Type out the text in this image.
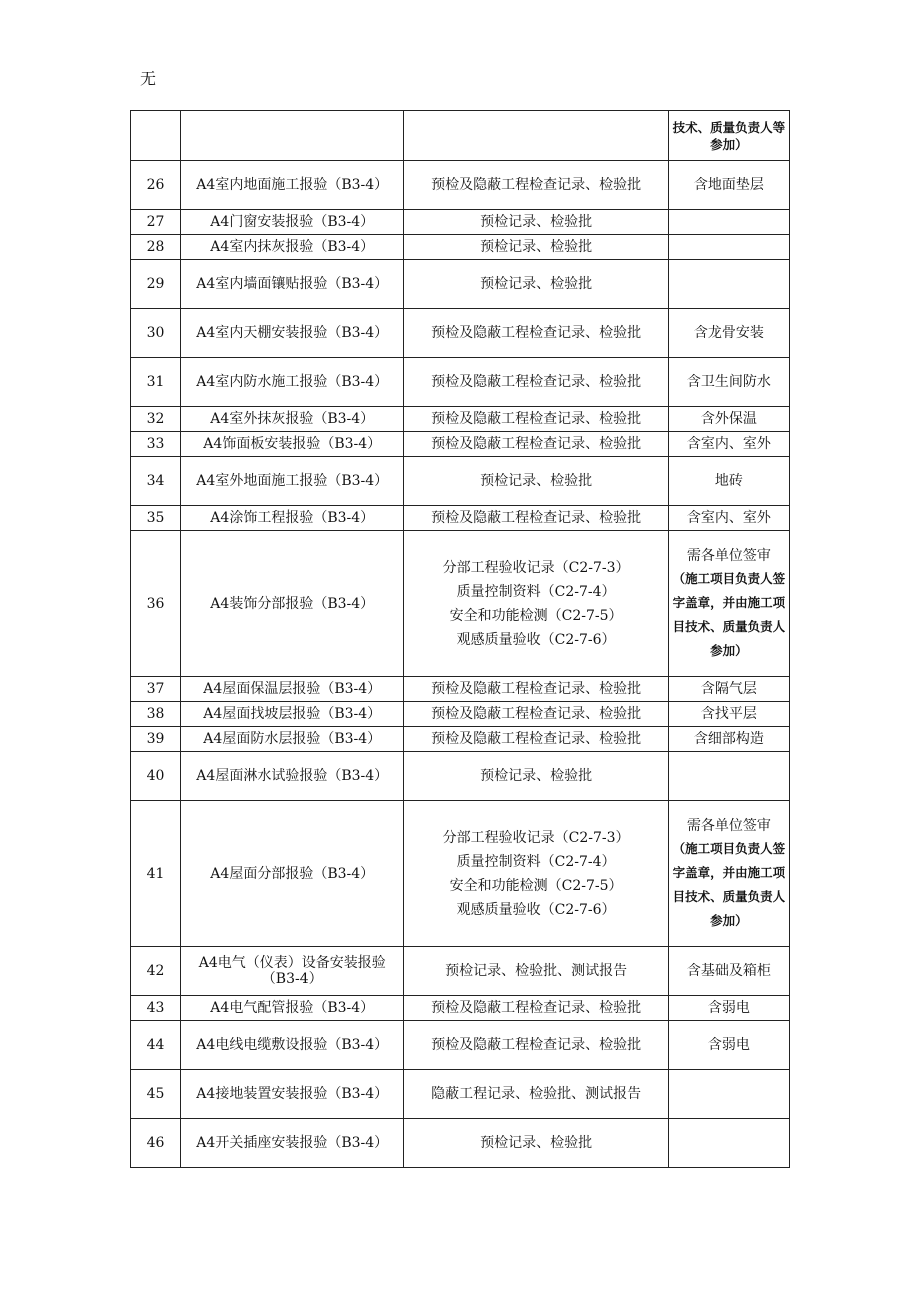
无

			技术、质量负责人等参加）

26	A4室内地面施工报验（B3-4）	预检及隐蔽工程检查记录、检验批	含地面垫层

27	A4门窗安装报验（B3-4）	预检记录、检验批	

28	A4室内抹灰报验（B3-4）	预检记录、检验批	

29	A4室内墙面镶贴报验（B3-4）	预检记录、检验批	

30	A4室内天棚安装报验（B3-4）	预检及隐蔽工程检查记录、检验批	含龙骨安装

31	A4室内防水施工报验（B3-4）	预检及隐蔽工程检查记录、检验批	含卫生间防水

32	A4室外抹灰报验（B3-4）	预检及隐蔽工程检查记录、检验批	含外保温

33	A4饰面板安装报验（B3-4）	预检及隐蔽工程检查记录、检验批	含室内、室外

34	A4室外地面施工报验（B3-4）	预检记录、检验批	地砖

35	A4涂饰工程报验（B3-4）	预检及隐蔽工程检查记录、检验批	含室内、室外

36	A4装饰分部报验（B3-4）	分部工程验收记录（C2-7-3）
质量控制资料（C2-7-4）
安全和功能检测（C2-7-5）
观感质量验收（C2-7-6）	需各单位签审
（施工项目负责人签字盖章，并由施工项目技术、质量负责人参加）

37	A4屋面保温层报验（B3-4）	预检及隐蔽工程检查记录、检验批	含隔气层

38	A4屋面找坡层报验（B3-4）	预检及隐蔽工程检查记录、检验批	含找平层

39	A4屋面防水层报验（B3-4）	预检及隐蔽工程检查记录、检验批	含细部构造

40	A4屋面淋水试验报验（B3-4）	预检记录、检验批	

41	A4屋面分部报验（B3-4）	分部工程验收记录（C2-7-3）
质量控制资料（C2-7-4）
安全和功能检测（C2-7-5）
观感质量验收（C2-7-6）	需各单位签审
（施工项目负责人签字盖章，并由施工项目技术、质量负责人参加）

42	A4电气（仪表）设备安装报验（B3-4）	预检记录、检验批、测试报告	含基础及箱柜

43	A4电气配管报验（B3-4）	预检及隐蔽工程检查记录、检验批	含弱电

44	A4电线电缆敷设报验（B3-4）	预检及隐蔽工程检查记录、检验批	含弱电

45	A4接地装置安装报验（B3-4）	隐蔽工程记录、检验批、测试报告	

46	A4开关插座安装报验（B3-4）	预检记录、检验批	
